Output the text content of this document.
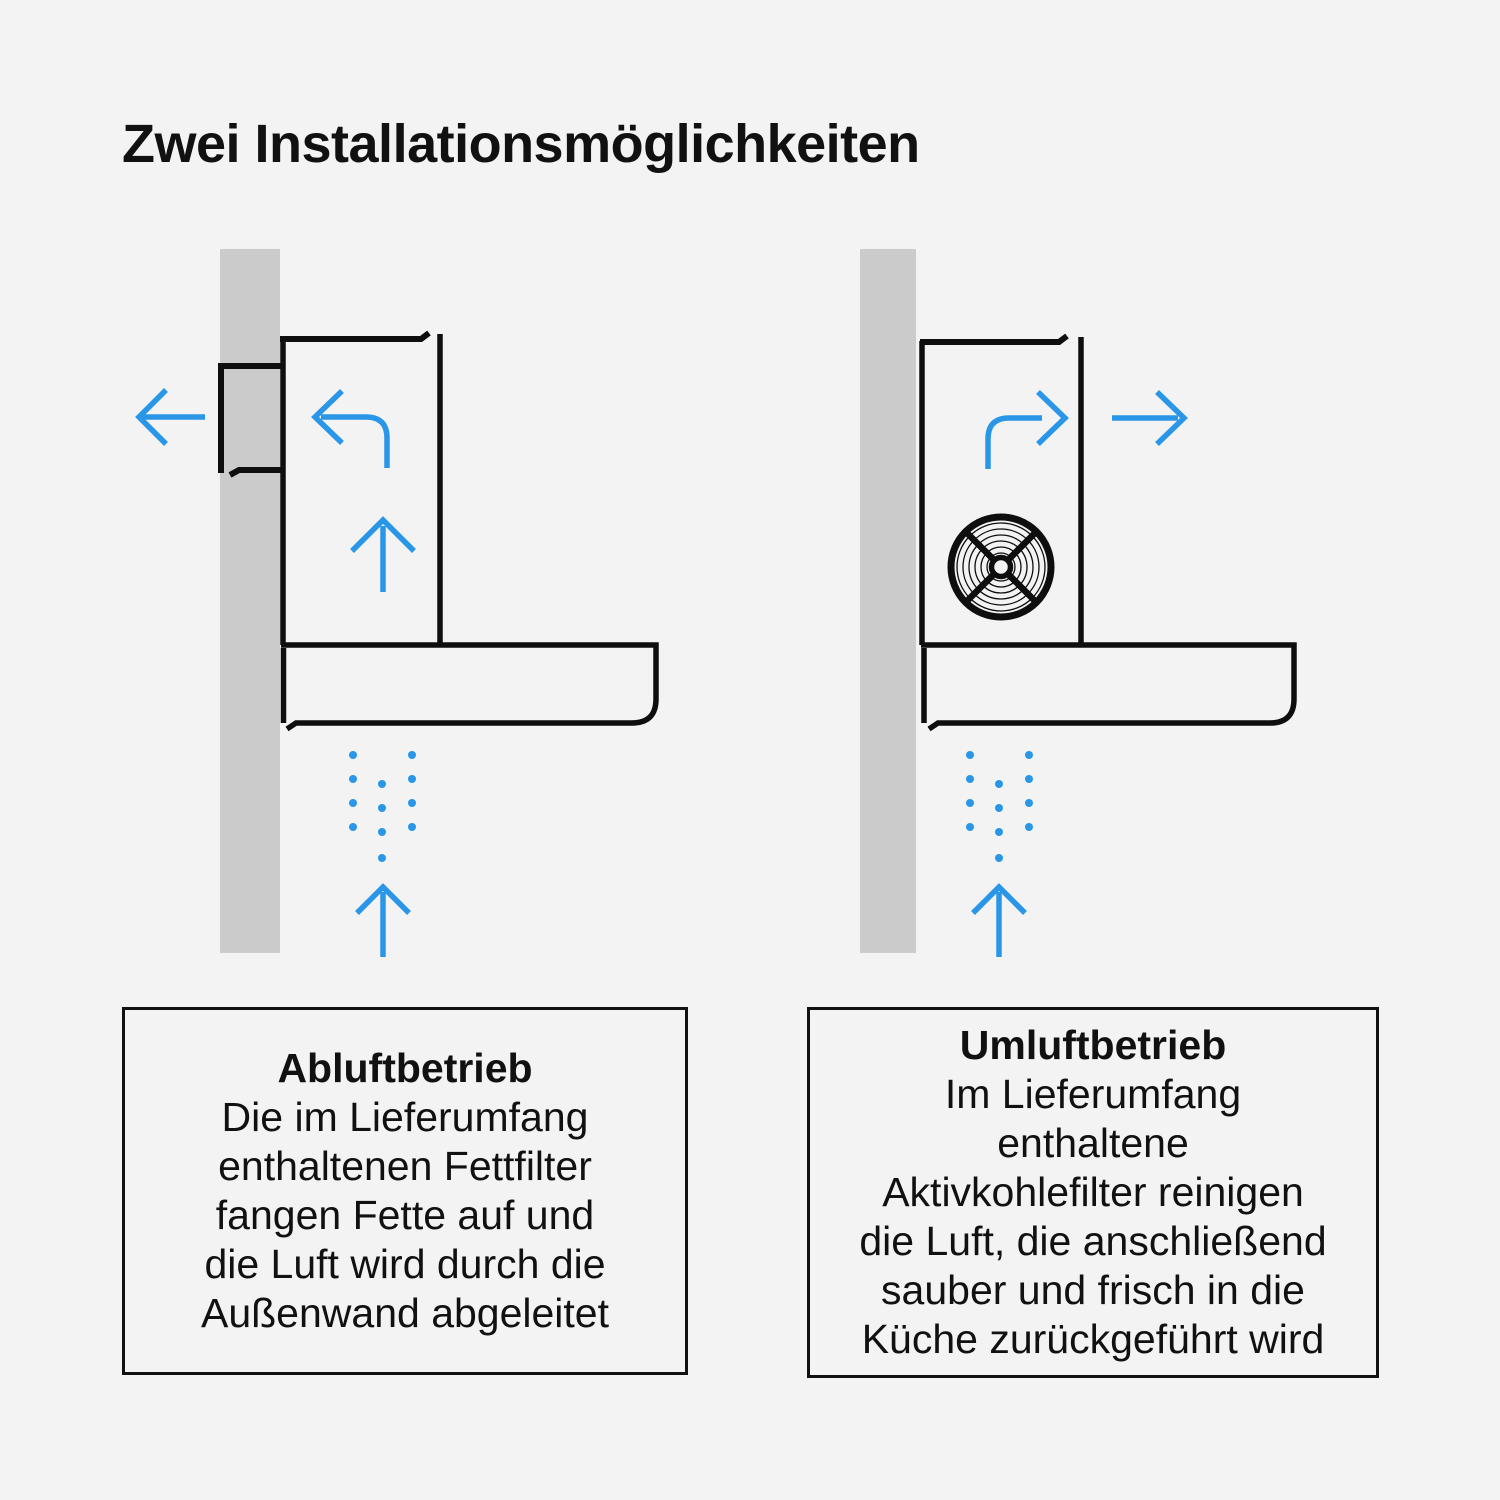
Zwei Installationsmöglichkeiten
Abluftbetrieb
Die im Lieferumfang
enthaltenen Fettfilter
fangen Fette auf und
die Luft wird durch die
Außenwand abgeleitet
Umluftbetrieb
Im Lieferumfang
enthaltene
Aktivkohlefilter reinigen
die Luft, die anschließend
sauber und frisch in die
Küche zurückgeführt wird
